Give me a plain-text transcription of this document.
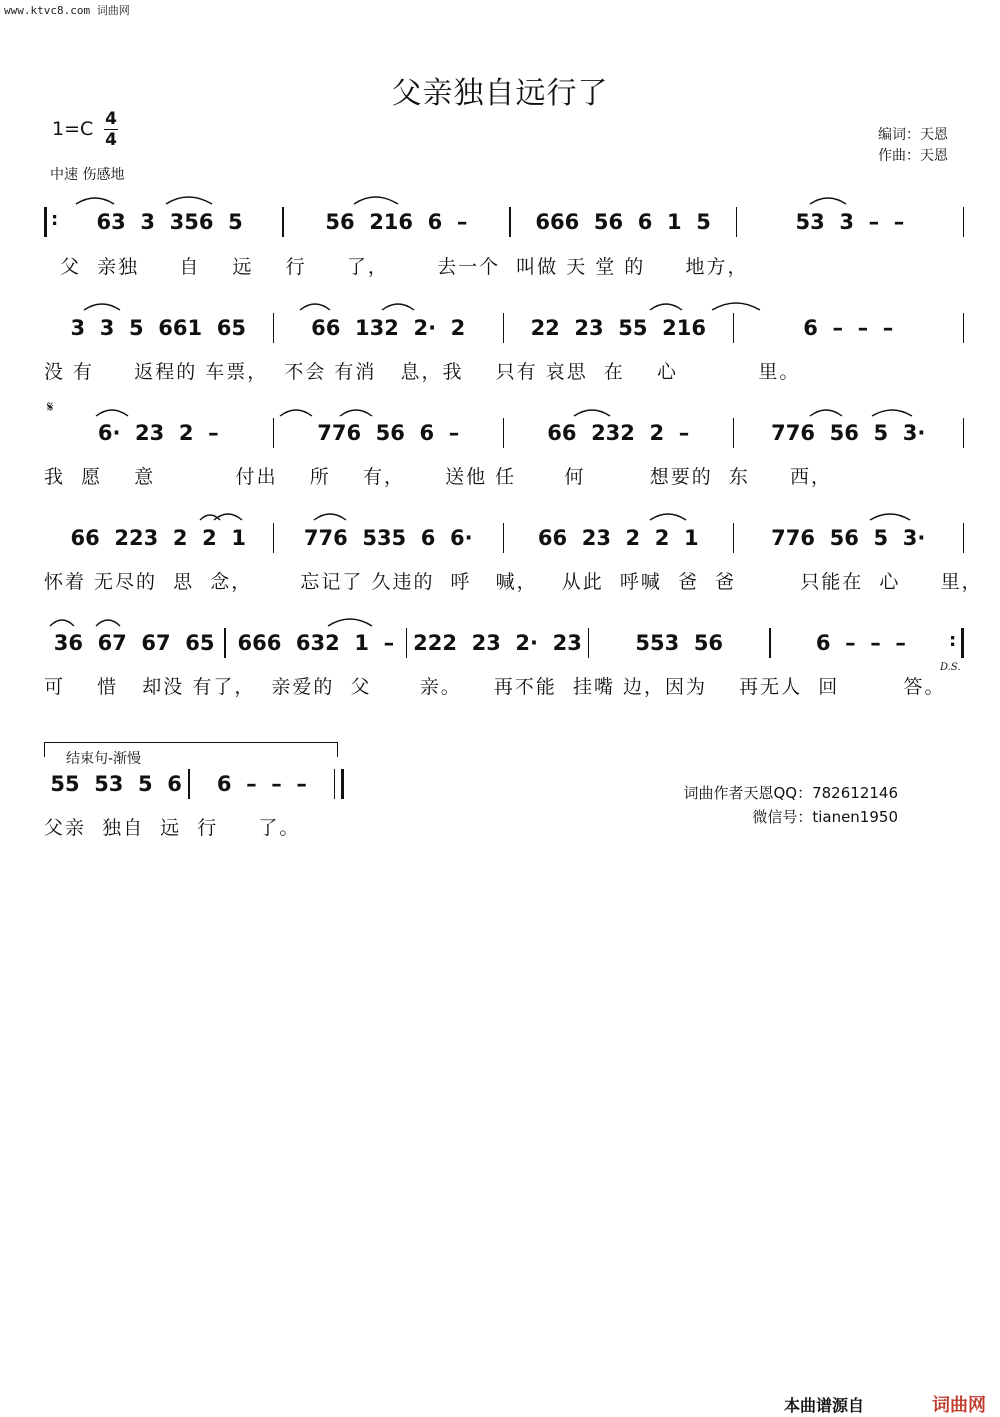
www.ktvc8.com 词曲网
父亲独自远行了
1=C 4
4
中速 伤感地
编词：天恩
作曲：天恩
:
63  3  356  5	56  216  6  –	666  56  6  1  5	53  3  –  –
父  亲独     自    远    行     了，      去一个  叫做 天 堂 的     地方，
3  3  5  661  65	66  132  2·  2	22  23  55  216	6  –  –  –
没 有     返程的 车票，  不会 有消   息，我    只有 哀思  在    心          里。
𝄋
6·  23  2  –	776  56  6  –	66  232  2  –	776  56  5  3·
我  愿    意          付出    所    有，     送他 任      何        想要的  东     西，
66  223  2  2  1	776  535  6  6·	66  23  2  2  1	776  56  5  3·
怀着 无尽的  思  念，      忘记了 久违的  呼   喊，   从此  呼喊  爸  爸        只能在  心     里，
36  67  67  65	666  632  1  – 222  23  2·  23	553  56	6  –  –  –
:
D.S.
可    惜   却没 有了，  亲爱的  父      亲。    再不能  挂嘴 边，因为    再无人  回        答。
结束句-渐慢
55  53  5  6	6  –  –  –
父亲  独自  远  行     了。
词曲作者天恩QQ：782612146
微信号：tianen1950
本曲谱源自	词曲网
